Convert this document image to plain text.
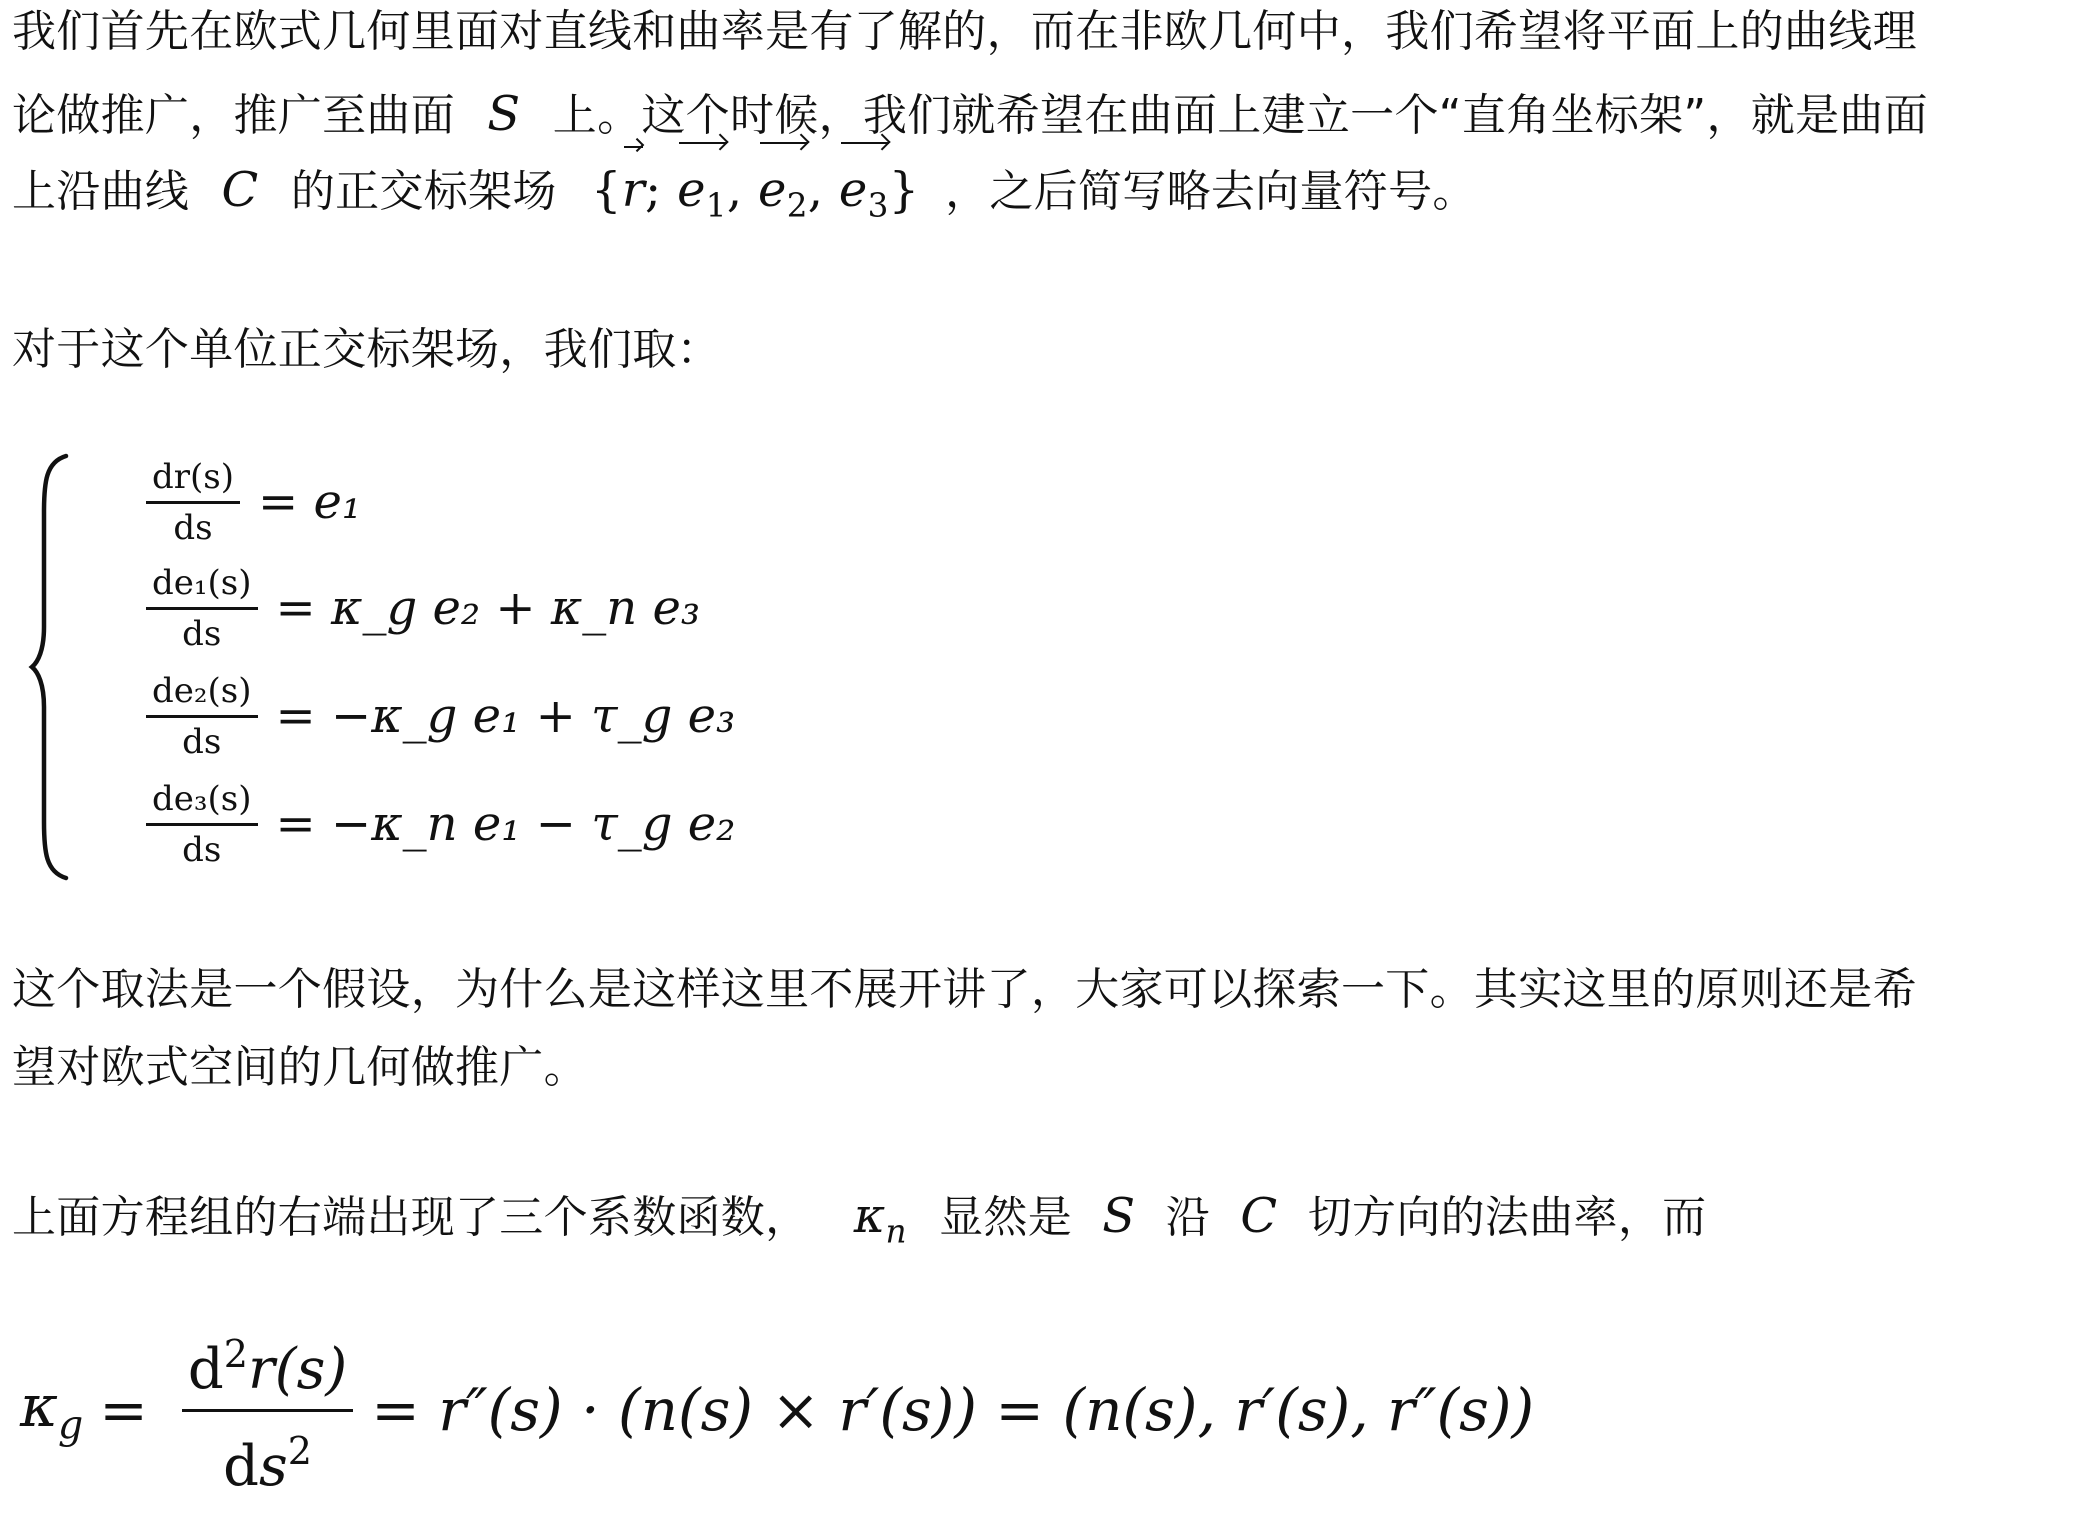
我们首先在欧式几何里面对直线和曲率是有了解的，而在非欧几何中，我们希望将平面上的曲线理
论做推广，推广至曲面 S 上。这个时候，我们就希望在曲面上建立一个“直角坐标架”，就是曲面
上沿曲线 C 的正交标架场 {r; $e_1$, $e_2$, $e_3$} ，之后简写略去向量符号。
对于这个单位正交标架场，我们取：
$\frac{dr(s)}{ds} = e_1$
$\frac{\text{de₁(s)}}{ds}$ = κ_g e₂ + κ_n e₃
$\frac{\text{de₂(s)}}{ds}$ = −κ_g e₁ + τ_g e₃
$\frac{\text{de₃(s)}}{ds}$ = −κ_n e₁ − τ_g e₂
这个取法是一个假设，为什么是这样这里不展开讲了，大家可以探索一下。其实这里的原则还是希
望对欧式空间的几何做推广。
上面方程组的右端出现了三个系数函数， $\kappa_n$ 显然是 S 沿 C 切方向的法曲率，而
$\kappa_g = \frac{d^2r(s)}{ds^2} = r''(s) \cdot (n(s) \times r'(s)) = (n(s)$, r′(s), r″(s))
